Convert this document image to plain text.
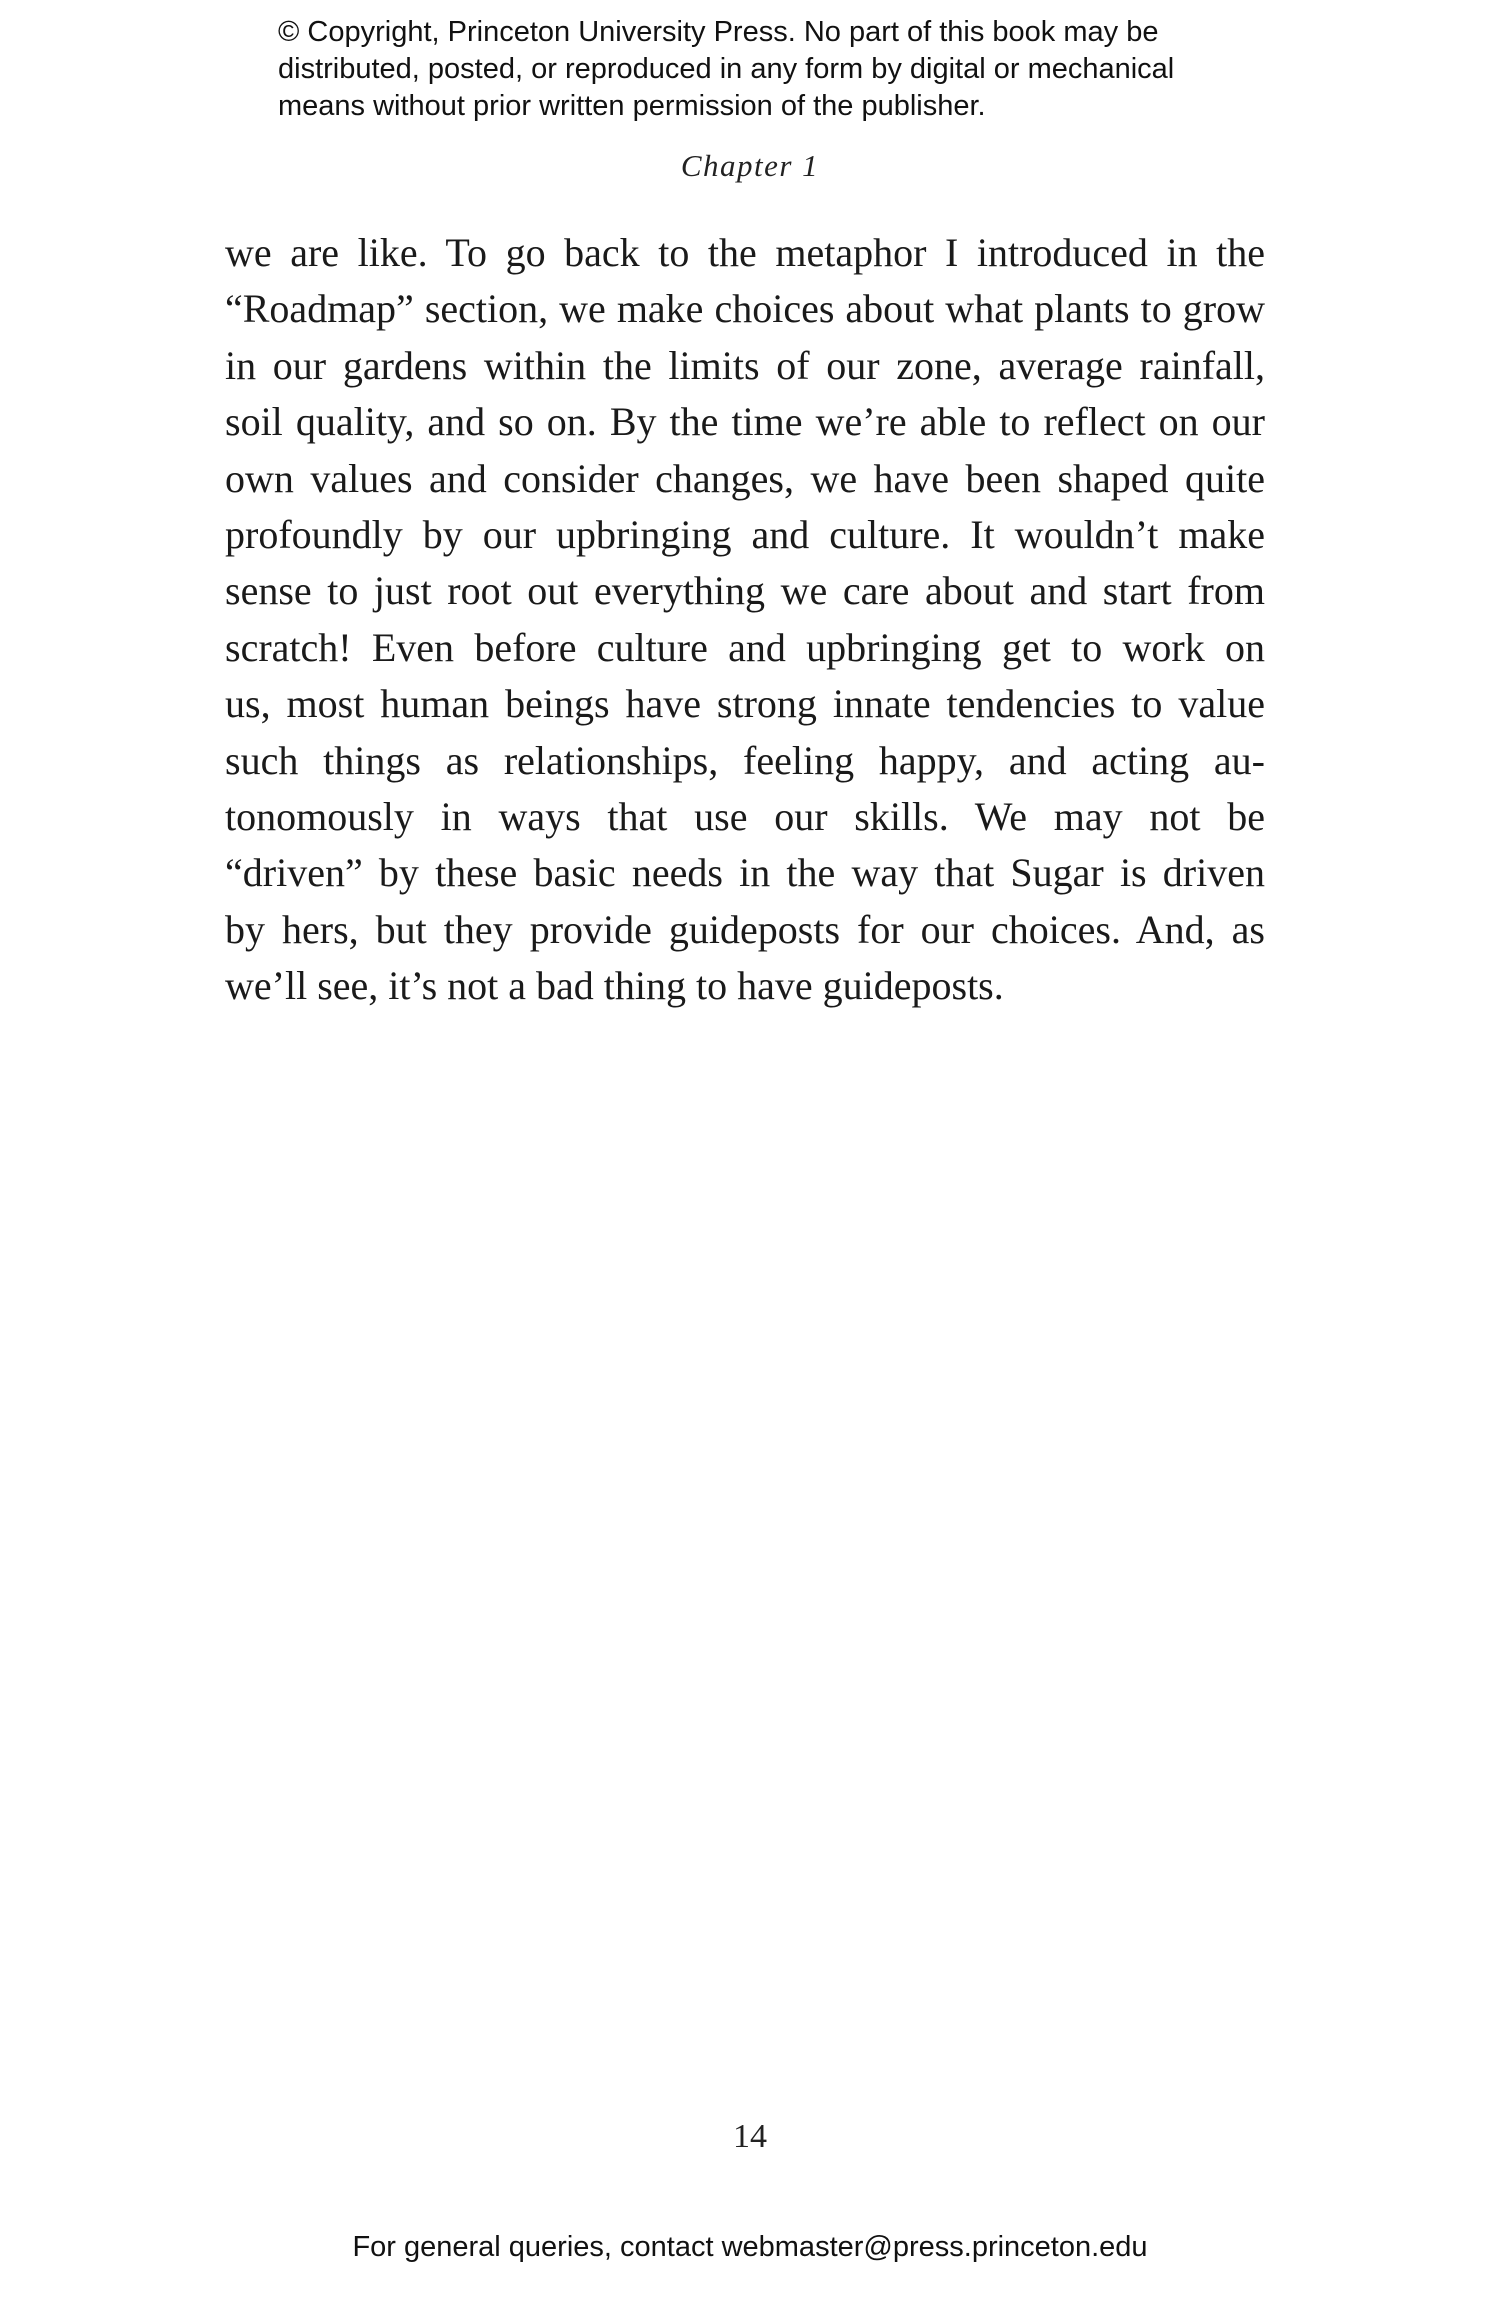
© Copyright, Princeton University Press. No part of this book may be
distributed, posted, or reproduced in any form by digital or mechanical
means without prior written permission of the publisher.
Chapter 1
we are like. To go back to the metaphor I introduced in the
“Roadmap” section, we make choices about what plants to grow
in our gardens within the limits of our zone, average rainfall,
soil quality, and so on. By the time we’re able to reflect on our
own values and consider changes, we have been shaped quite
profoundly by our upbringing and culture. It wouldn’t make
sense to just root out everything we care about and start from
scratch! Even before culture and upbringing get to work on
us, most human beings have strong innate tendencies to value
such things as relationships, feeling happy, and acting au-
tonomously in ways that use our skills. We may not be
“driven” by these basic needs in the way that Sugar is driven
by hers, but they provide guideposts for our choices. And, as
we’ll see, it’s not a bad thing to have guideposts.
14
For general queries, contact webmaster@press.princeton.edu
